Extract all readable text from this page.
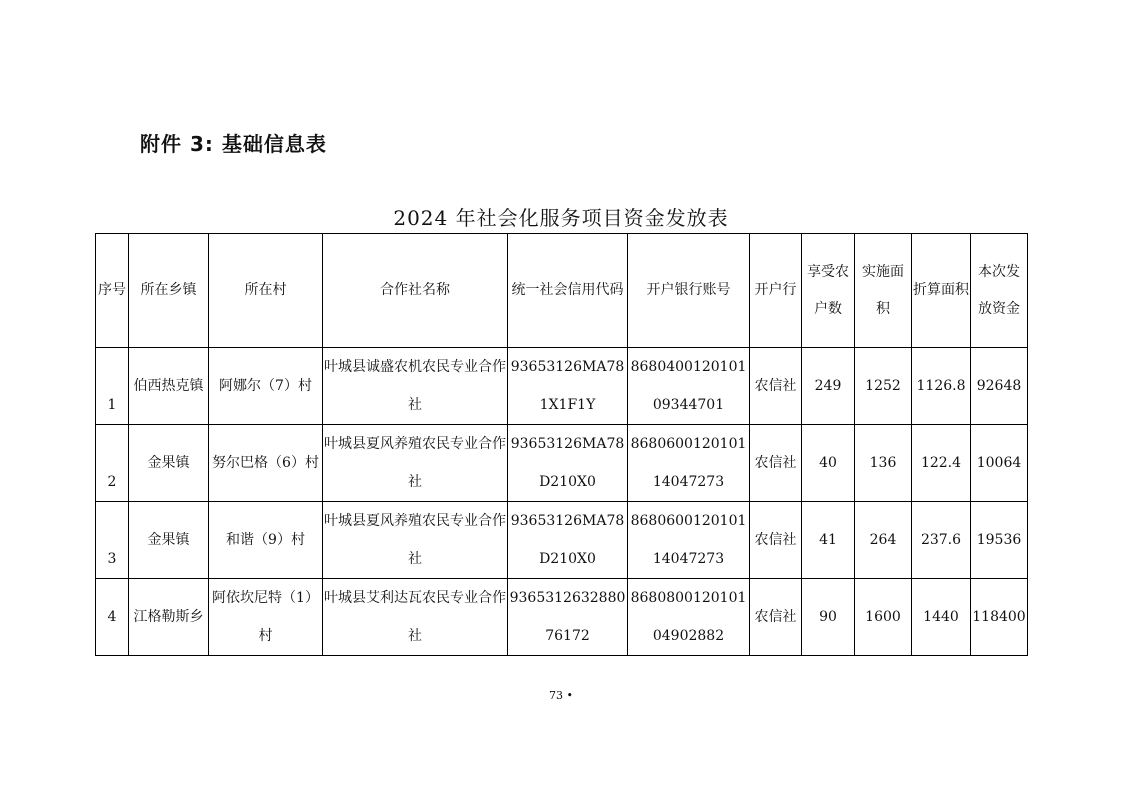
附件 3: 基础信息表
2024 年社会化服务项目资金发放表
序号	所在乡镇	所在村	合作社名称	统一社会信用代码	开户银行账号	开户行	享受农户数	实施面积	折算面积	本次发放资金
1	伯西热克镇	阿娜尔（7）村	叶城县诚盛农机农民专业合作社	93653126MA781X1F1Y	868040012010109344701	农信社	249	1252	1126.8	92648
2	金果镇	努尔巴格（6）村	叶城县夏风养殖农民专业合作社	93653126MA78D210X0	868060012010114047273	农信社	40	136	122.4	10064
3	金果镇	和谐（9）村	叶城县夏风养殖农民专业合作社	93653126MA78D210X0	868060012010114047273	农信社	41	264	237.6	19536
4	江格勒斯乡	阿依坎尼特（1）村	叶城县艾利达瓦农民专业合作社	936531263288076172	868080012010104902882	农信社	90	1600	1440	118400
73 •
